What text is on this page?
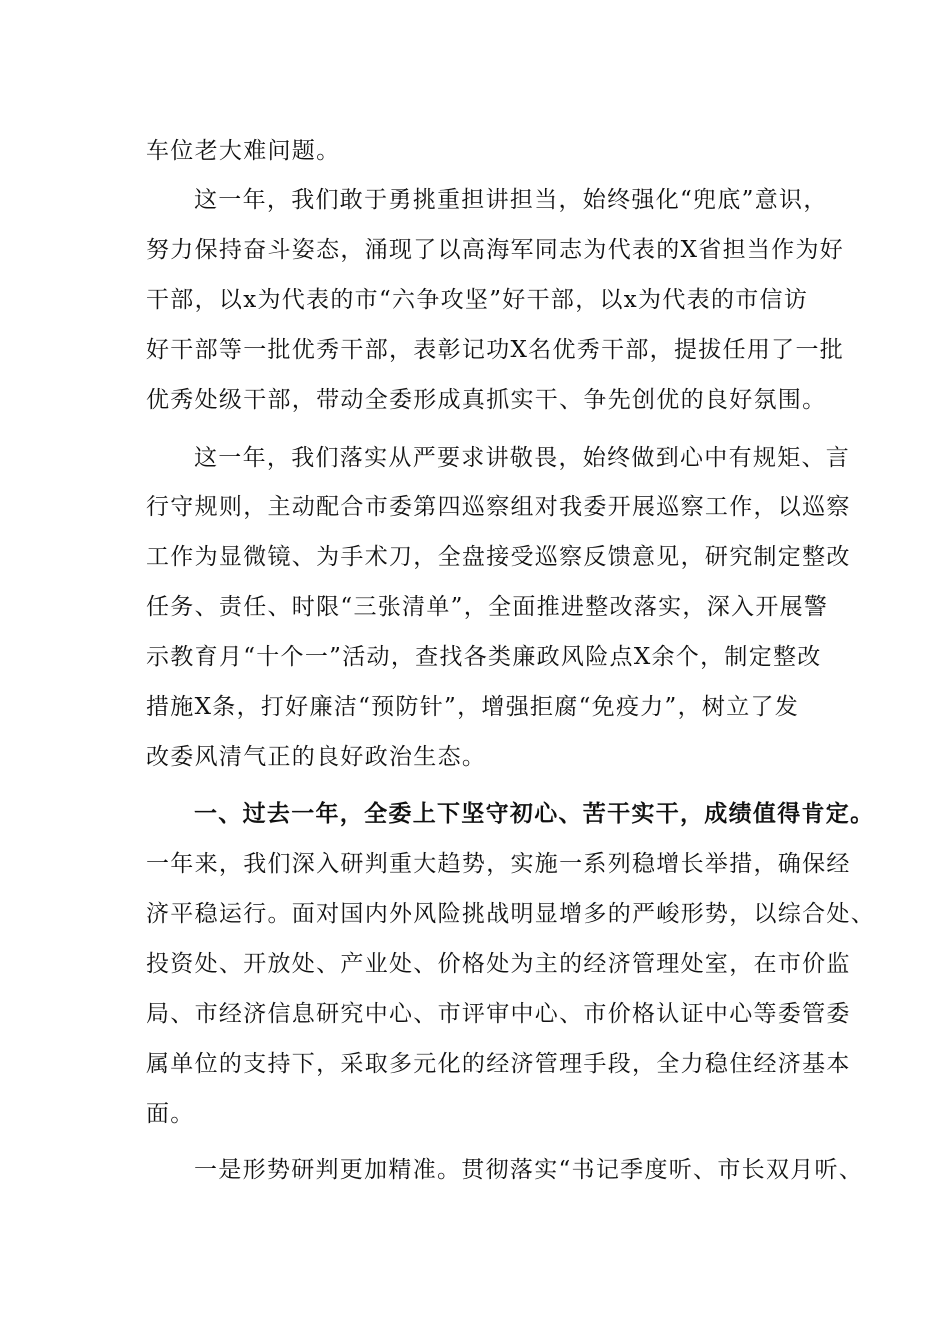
车位老大难问题。
这一年，我们敢于勇挑重担讲担当，始终强化“兜底”意识，
努力保持奋斗姿态，涌现了以高海军同志为代表的X省担当作为好
干部，以x为代表的市“六争攻坚”好干部，以x为代表的市信访
好干部等一批优秀干部，表彰记功X名优秀干部，提拔任用了一批
优秀处级干部，带动全委形成真抓实干、争先创优的良好氛围。
这一年，我们落实从严要求讲敬畏，始终做到心中有规矩、言
行守规则，主动配合市委第四巡察组对我委开展巡察工作，以巡察
工作为显微镜、为手术刀，全盘接受巡察反馈意见，研究制定整改
任务、责任、时限“三张清单”，全面推进整改落实，深入开展警
示教育月“十个一”活动，查找各类廉政风险点X余个，制定整改
措施X条，打好廉洁“预防针”，增强拒腐“免疫力”，树立了发
改委风清气正的良好政治生态。
一、过去一年，全委上下坚守初心、苦干实干，成绩值得肯定。
一年来，我们深入研判重大趋势，实施一系列稳增长举措，确保经
济平稳运行。面对国内外风险挑战明显增多的严峻形势，以综合处、
投资处、开放处、产业处、价格处为主的经济管理处室，在市价监
局、市经济信息研究中心、市评审中心、市价格认证中心等委管委
属单位的支持下，采取多元化的经济管理手段，全力稳住经济基本
面。
一是形势研判更加精准。贯彻落实“书记季度听、市长双月听、
